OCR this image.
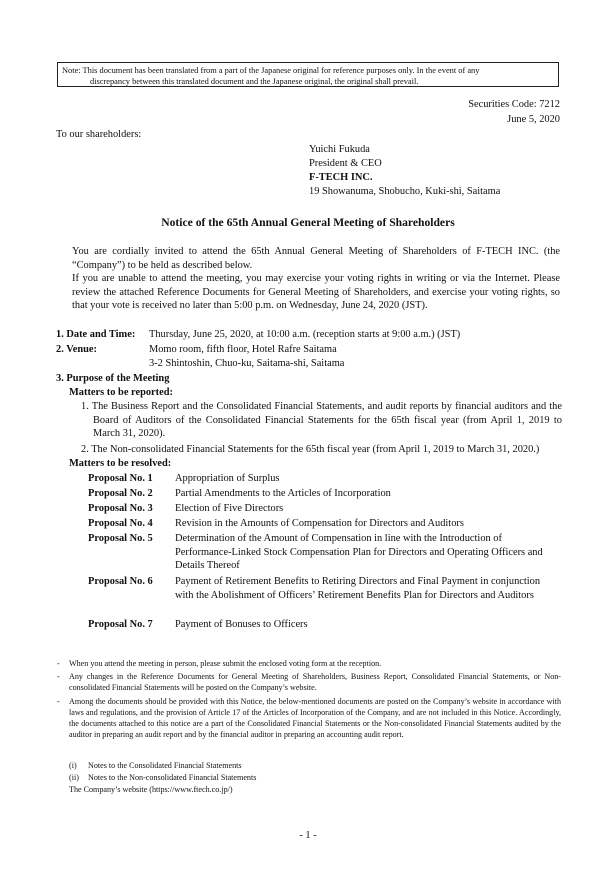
Note: This document has been translated from a part of the Japanese original for reference purposes only. In the event of any
discrepancy between this translated document and the Japanese original, the original shall prevail.
Securities Code: 7212
June 5, 2020
To our shareholders:
Yuichi Fukuda
President & CEO
F-TECH INC.
19 Showanuma, Shobucho, Kuki-shi, Saitama
Notice of the 65th Annual General Meeting of Shareholders
You are cordially invited to attend the 65th Annual General Meeting of Shareholders of F-TECH INC. (the “Company”) to be held as described below.
If you are unable to attend the meeting, you may exercise your voting rights in writing or via the Internet. Please review the attached Reference Documents for General Meeting of Shareholders, and exercise your voting rights, so that your vote is received no later than 5:00 p.m. on Wednesday, June 24, 2020 (JST).
1. Date and Time: Thursday, June 25, 2020, at 10:00 a.m. (reception starts at 9:00 a.m.) (JST)
2. Venue:	Momo room, fifth floor, Hotel Rafre Saitama
3-2 Shintoshin, Chuo-ku, Saitama-shi, Saitama
3. Purpose of the Meeting
Matters to be reported:
1. The Business Report and the Consolidated Financial Statements, and audit reports by financial auditors and the Board of Auditors of the Consolidated Financial Statements for the 65th fiscal year (from April 1, 2019 to March 31, 2020).
2. The Non-consolidated Financial Statements for the 65th fiscal year (from April 1, 2019 to March 31, 2020.)
Matters to be resolved:
Proposal No. 1 Appropriation of Surplus
Proposal No. 2 Partial Amendments to the Articles of Incorporation
Proposal No. 3 Election of Five Directors
Proposal No. 4 Revision in the Amounts of Compensation for Directors and Auditors
Proposal No. 5 Determination of the Amount of Compensation in line with the Introduction of Performance-Linked Stock Compensation Plan for Directors and Operating Officers and Details Thereof
Proposal No. 6 Payment of Retirement Benefits to Retiring Directors and Final Payment in conjunction with the Abolishment of Officers’ Retirement Benefits Plan for Directors and Auditors
Proposal No. 7 Payment of Bonuses to Officers
- When you attend the meeting in person, please submit the enclosed voting form at the reception.
- Any changes in the Reference Documents for General Meeting of Shareholders, Business Report, Consolidated Financial Statements, or Non-consolidated Financial Statements will be posted on the Company’s website.
- Among the documents should be provided with this Notice, the below-mentioned documents are posted on the Company’s website in accordance with laws and regulations, and the provision of Article 17 of the Articles of Incorporation of the Company, and are not included in this Notice. Accordingly, the documents attached to this notice are a part of the Consolidated Financial Statements or the Non-consolidated Financial Statements audited by the auditor in preparing an audit report and by the financial auditor in preparing an accounting audit report.
(i) Notes to the Consolidated Financial Statements
(ii) Notes to the Non-consolidated Financial Statements
The Company’s website (https://www.ftech.co.jp/)
- 1 -
